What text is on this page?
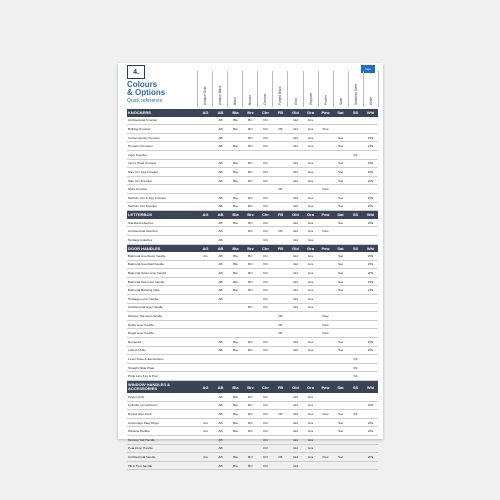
4.	logo
Colours
& Options
Quick reference	Antique Gold	Antique Black	Black	Bronze	Chrome	Forged Black	Gold	Graphite	Pewter	Satin	Stainless Steel	White
KNOCKERS	AG	AB	Bla	Brz	Chr	FB	Gld	Gra	Pew	Sat	SS	Whi
Architectural Knocker	AB	Bla	Brz	Chr	Gld	Gra
Bulldog Knocker	AB	Bla	Brz	Chr	FB	Gld	Gra	Pew
Contemporary Knocker	AB	Brz	Chr	Gld	Gra	Sat	Whi
Hometon Knocker	AB	Bla	Brz	Chr	Gld	Gra	Sat	Whi
Ingot Knocker	SS
Lion's Head Knocker	AB	Bla	Brz	Chr	Gld	Gra	Sat	Whi
Slim Urn Spy Knocker	AB	Bla	Brz	Chr	Gld	Gra	Sat	Whi
Slim Urn Knocker	AB	Bla	Brz	Chr	Gld	Gra	Sat	Whi
Spire Knocker	FB	Pew
Medium Urn & Spy Knocker	AB	Bla	Brz	Chr	Gld	Gra	Sat	Whi
Medium Urn Knocker	AB	Bla	Brz	Chr	Gld	Gra	Sat	Whi
LETTERBOX	AG	AB	Bla	Brz	Chr	FB	Gld	Gra	Pew	Sat	SS	Whi
Standard letterbox	AB	Bla	Brz	Chr	Gld	Gra	Sat	Whi
Architectural letterbox	AB	Brz	Chr	FB	Gld	Gra	Pew
Heritage letterbox	AB	Chr	Gld	Gra
DOOR HANDLES	AG	AB	Bla	Brz	Chr	FB	Gld	Gra	Pew	Sat	SS	Whi
Balmoral lever/lever handle	AG	AB	Bla	Brz	Chr	Gld	Gra	Sat	Whi
Balmoral lever/pad handle	AB	Bla	Brz	Chr	Gld	Gra	Sat	Whi
Balmoral Swan lever handle	AB	Bla	Brz	Chr	Gld	Gra	Sat	Whi
Balmoral Dok lever handle	AB	Bla	Brz	Chr	Gld	Gra	Sat	Whi
Balmoral Banking plate	AB	Bla	Brz	Chr	Gld	Gra	Sat	Whi
Heritage Lever handle	AB	Chr	Gld	Gra
Architectural lever handle	Brz	Chr	Gld	Gra
Monkey Tail lever handle	FB	Pew
Noble lever handle	FB	Pew
Regal lever handle	FB	Pew
Numerals	AB	Bla	Brz	Chr	Gld	Gra	Sat	Whi
Letters (A-E)	AB	Bla	Brz	Chr	Gld	Gra	Sat	Whi
Lever Rose & Escutcheon	SS
Straight Slide Plate	SS
Pride Lino Key & Pad	SS
WINDOW HANDLES & ACCESSORIES	AG	AB	Bla	Brz	Chr	FB	Gld	Gra	Pew	Sat	SS	Whi
Finger pulls	AB	Bla	Brz	Chr	Gld	Gra
Cylinder escutcheons	AB	Bla	Brz	Chr	Gld	Gra	Whi
Round door knob	AB	Bla	Brz	Chr	FB	Gld	Gra	Pew	Sat	SS
Anchorage Flag Hinge	AG	AB	Bla	Brz	Chr	Gld	Gra	Sat	Whi
Window Handle	AG	AB	Bla	Brz	Chr	Gld	Gra	Sat	Whi
Monkey Tail Handle	AB	Chr	Gld	Gra
Pear Drop Handle	AB	Chr	Gld	Gra
Architectural handle	AG	AB	Bla	Brz	Chr	FB	Gld	Gra	Pew	Sat	Whi
Tilt & Turn handle	AB	Bla	Brz	Chr	Gld
